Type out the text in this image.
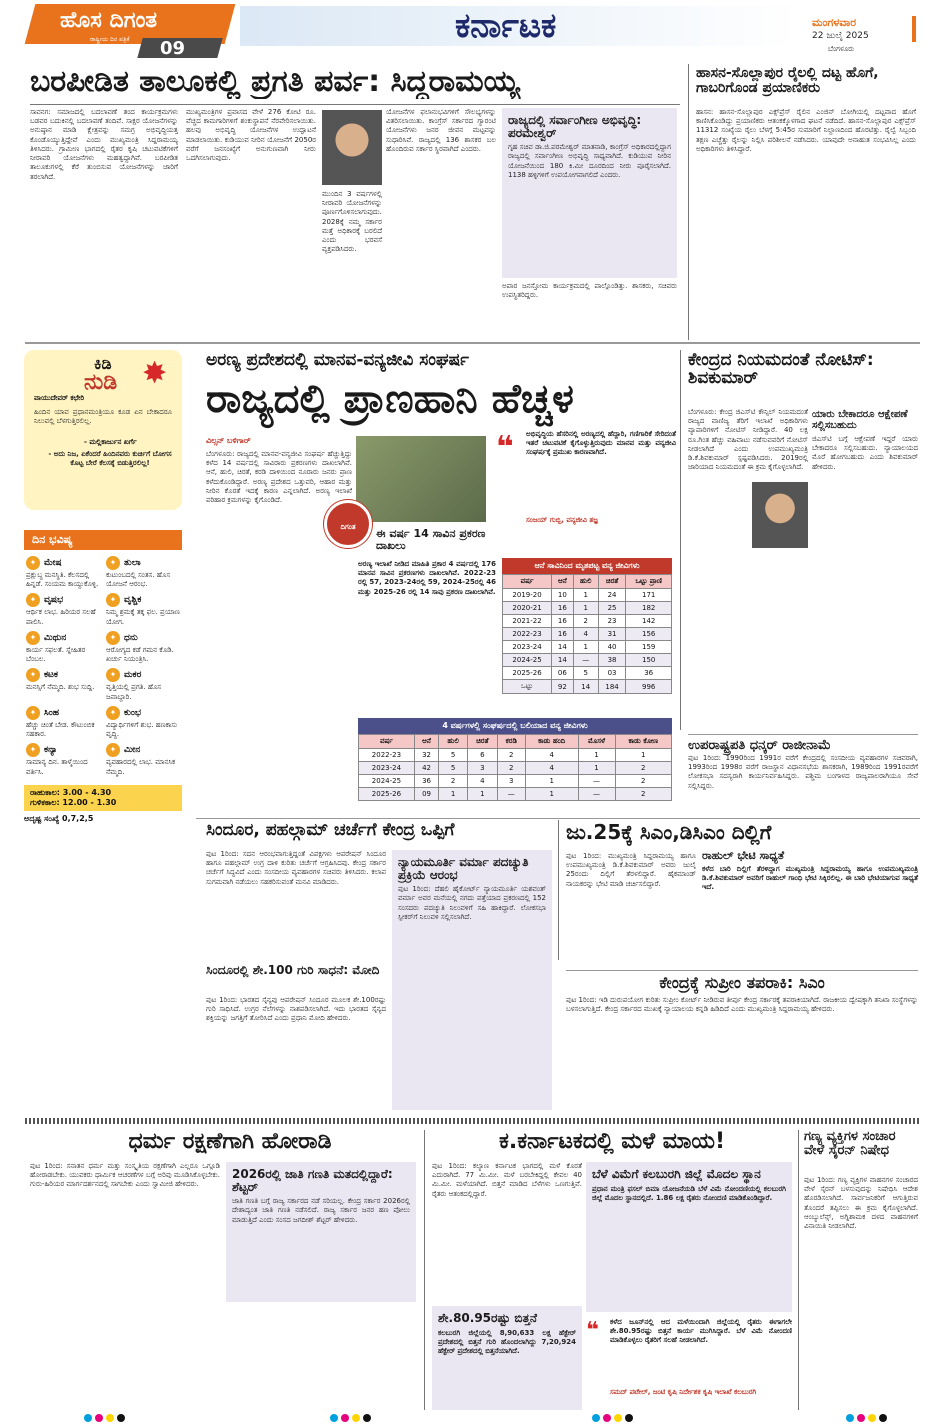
ಹೊಸ ದಿಗಂತ
ರಾಷ್ಟ್ರೀಯ ದಿನ ಪತ್ರಿಕೆ 09
ಕರ್ನಾಟಕ	ಮಂಗಳವಾರ
22 ಜುಲೈ 2025
ಬೆಂಗಳೂರು
ಬರಪೀಡಿತ ತಾಲೂಕಲ್ಲಿ ಪ್ರಗತಿ ಪರ್ವ: ಸಿದ್ದರಾಮಯ್ಯ

ಸಾವನಗ: ಸಮಾಜದಲ್ಲಿ ಬದಲಾವಣೆ ತಂದ ಕಾರ್ಯಕ್ರಮಗಳು ಬಡವರ ಬದುಕಿನಲ್ಲಿ ಬದಲಾವಣೆ ತಂದಿವೆ. ಸಾಕ್ಷರ ಯೋಜನೆಗಳನ್ನು ಅನುಷ್ಠಾನ ಮಾಡಿ ಕ್ಷೇತ್ರವನ್ನು ಸಮಗ್ರ ಅಭಿವೃದ್ಧಿಯತ್ತ ಕೊಂಡೊಯ್ಯುತ್ತಿದ್ದೇವೆ ಎಂದು ಮುಖ್ಯಮಂತ್ರಿ ಸಿದ್ದರಾಮಯ್ಯ ತಿಳಿಸಿದರು. ಗ್ರಾಮೀಣ ಭಾಗದಲ್ಲಿ ರೈತರ ಕೃಷಿ ಚಟುವಟಿಕೆಗಳಿಗೆ ನೀರಾವರಿ ಯೋಜನೆಗಳು ಮಹತ್ವದ್ದಾಗಿವೆ. ಬರಪೀಡಿತ ತಾಲೂಕುಗಳಲ್ಲಿ ಕೆರೆ ತುಂಬಿಸುವ ಯೋಜನೆಗಳನ್ನು ಜಾರಿಗೆ ತರಲಾಗಿದೆ.

ಮುಖ್ಯಮಂತ್ರಿಗಳ ಪ್ರವಾಸದ ವೇಳೆ 276 ಕೋಟಿ ರೂ. ವೆಚ್ಚದ ಕಾಮಗಾರಿಗಳಿಗೆ ಶಂಕುಸ್ಥಾಪನೆ ನೆರವೇರಿಸಲಾಯಿತು. ಹಲವು ಅಭಿವೃದ್ಧಿ ಯೋಜನೆಗಳ ಉದ್ಘಾಟನೆ ಮಾಡಲಾಯಿತು. ಕುಡಿಯುವ ನೀರಿನ ಯೋಜನೆಗೆ 2050ರ ವರೆಗೆ ಜನಸಂಖ್ಯೆಗೆ ಅನುಗುಣವಾಗಿ ನೀರು ಒದಗಿಸಲಾಗುವುದು.

ಯೋಜನೆಗಳ ಫಲಾನುಭವಿಗಳಿಗೆ ಸೌಲಭ್ಯಗಳನ್ನು ವಿತರಿಸಲಾಯಿತು. ಕಾಂಗ್ರೆಸ್ ಸರ್ಕಾರದ ಗ್ಯಾರಂಟಿ ಯೋಜನೆಗಳು ಜನರ ಜೀವನ ಮಟ್ಟವನ್ನು ಸುಧಾರಿಸಿವೆ. ರಾಜ್ಯದಲ್ಲಿ 136 ಶಾಸಕರ ಬಲ ಹೊಂದಿರುವ ಸರ್ಕಾರ ಸ್ಥಿರವಾಗಿದೆ ಎಂದರು.

ಮುಂದಿನ 3 ವರ್ಷಗಳಲ್ಲಿ ನೀರಾವರಿ ಯೋಜನೆಗಳನ್ನು ಪೂರ್ಣಗೊಳಿಸಲಾಗುವುದು. 2028ಕ್ಕೆ ನಮ್ಮ ಸರ್ಕಾರ ಮತ್ತೆ ಅಧಿಕಾರಕ್ಕೆ ಬರಲಿದೆ ಎಂದು ಭರವಸೆ ವ್ಯಕ್ತಪಡಿಸಿದರು.

ರಾಜ್ಯದಲ್ಲಿ ಸರ್ವಾಂಗೀಣ ಅಭಿವೃದ್ಧಿ: ಪರಮೇಶ್ವರ್

ಗೃಹ ಸಚಿವ ಡಾ.ಜಿ.ಪರಮೇಶ್ವರ್ ಮಾತನಾಡಿ, ಕಾಂಗ್ರೆಸ್ ಅಧಿಕಾರದಲ್ಲಿದ್ದಾಗ ರಾಜ್ಯದಲ್ಲಿ ಸರ್ವಾಂಗೀಣ ಅಭಿವೃದ್ಧಿ ಸಾಧ್ಯವಾಗಿದೆ. ಕುಡಿಯುವ ನೀರಿನ ಯೋಜನೆಯಿಂದ 180 ಕಿ.ಮೀ ದೂರದಿಂದ ನೀರು ಪೂರೈಸಲಾಗಿದೆ. 1138 ಹಳ್ಳಿಗಳಿಗೆ ಉಪಯೋಗವಾಗಲಿದೆ ಎಂದರು.

ಅಪಾರ ಜನಸ್ತೋಮ ಕಾರ್ಯಕ್ರಮದಲ್ಲಿ ಪಾಲ್ಗೊಂಡಿತ್ತು. ಶಾಸಕರು, ಸಚಿವರು ಉಪಸ್ಥಿತರಿದ್ದರು.

ಹಾಸನ-ಸೊಲ್ಲಾಪುರ ರೈಲಲ್ಲಿ ದಟ್ಟ ಹೊಗೆ, ಗಾಬರಿಗೊಂಡ ಪ್ರಯಾಣಿಕರು

ಹಾಸನ: ಹಾಸನ-ಸೊಲ್ಲಾಪುರ ಎಕ್ಸ್‌ಪ್ರೆಸ್ ರೈಲಿನ ಎಂಜಿನ್ ಬೋಗಿಯಲ್ಲಿ ದಟ್ಟವಾದ ಹೊಗೆ ಕಾಣಿಸಿಕೊಂಡಿದ್ದು ಪ್ರಯಾಣಿಕರು ಆತಂಕಕ್ಕೊಳಗಾದ ಘಟನೆ ನಡೆದಿದೆ. ಹಾಸನ-ಸೊಲ್ಲಾಪುರ ಎಕ್ಸ್‌ಪ್ರೆಸ್ 11312 ಸಂಖ್ಯೆಯ ರೈಲು ಬೆಳಗ್ಗೆ 5:45ರ ಸುಮಾರಿಗೆ ನಿಲ್ದಾಣದಿಂದ ಹೊರಟಿತ್ತು. ರೈಲ್ವೆ ಸಿಬ್ಬಂದಿ ತಕ್ಷಣ ಎಚ್ಚೆತ್ತು ರೈಲನ್ನು ನಿಲ್ಲಿಸಿ ಪರಿಶೀಲನೆ ನಡೆಸಿದರು. ಯಾವುದೇ ಅನಾಹುತ ಸಂಭವಿಸಿಲ್ಲ ಎಂದು ಅಧಿಕಾರಿಗಳು ತಿಳಿಸಿದ್ದಾರೆ.

ಕಿಡಿ
ನುಡಿ ✸
ವಾಯುದೇವರ್ ಕಛೇರಿ
ಹಿಂದಿನ ಯಾವ ಪ್ರಧಾನಮಂತ್ರಿಯೂ ಕೂಡ ಏನ ಬೇಕಾದರೂ ನಿಲುವಲ್ಲಿ ಬೆಳಗುತ್ತಿರಲಿಲ್ಲ.
- ಮಲ್ಲಿಕಾರ್ಜುನ ಖರ್ಗೆ
- ಅದು ನಿಜ, ಏಕೆಂದರೆ ಹಿಂದಿನವರು ಕುರ್ಚಿಗೆ ಬೋಗಸ ಕೊಟ್ಟ ಬೇರೆ ಕೆಲಸಕ್ಕೆ ಬಿಡುತ್ತಿರಲಿಲ್ಲ!
ದಿನ ಭವಿಷ್ಯ
✦ ಮೇಷ

ಪ್ರಕ್ಷುಬ್ಧ ಮನಸ್ಥಿತಿ. ಕೆಲಸದಲ್ಲಿ ಹಿನ್ನಡೆ. ಸಂಯಮ ಕಾಯ್ದುಕೊಳ್ಳಿ.

✦ ತುಲಾ

ಕುಟುಂಬದಲ್ಲಿ ಸಂತಸ. ಹೊಸ ಯೋಜನೆ ಆರಂಭ.

✦ ವೃಷಭ

ಆರ್ಥಿಕ ಲಾಭ. ಹಿರಿಯರ ಸಲಹೆ ಪಾಲಿಸಿ.

✦ ವೃಶ್ಚಿಕ

ನಿಮ್ಮ ಶ್ರಮಕ್ಕೆ ತಕ್ಕ ಫಲ. ಪ್ರಯಾಣ ಯೋಗ.

✦ ಮಿಥುನ

ಕಾರ್ಯ ಸಫಲತೆ. ಸ್ನೇಹಿತರ ಬೆಂಬಲ.

✦ ಧನು

ಆರೋಗ್ಯದ ಕಡೆ ಗಮನ ಕೊಡಿ. ಖರ್ಚು ನಿಯಂತ್ರಿಸಿ.

✦ ಕಟಕ

ಮನಸ್ಸಿಗೆ ನೆಮ್ಮದಿ. ಶುಭ ಸುದ್ದಿ.

✦ ಮಕರ

ವೃತ್ತಿಯಲ್ಲಿ ಪ್ರಗತಿ. ಹೊಸ ಜವಾಬ್ದಾರಿ.

✦ ಸಿಂಹ

ಹೆಚ್ಚು ಚಿಂತೆ ಬೇಡ. ಕೌಟುಂಬಿಕ ಸಹಕಾರ.

✦ ಕುಂಭ

ವಿದ್ಯಾರ್ಥಿಗಳಿಗೆ ಶುಭ. ಹಣಕಾಸು ವೃದ್ಧಿ.

✦ ಕನ್ಯಾ

ಸಾಮಾನ್ಯ ದಿನ. ತಾಳ್ಮೆಯಿಂದ ವರ್ತಿಸಿ.

✦ ಮೀನ

ವ್ಯವಹಾರದಲ್ಲಿ ಲಾಭ. ಮಾನಸಿಕ ನೆಮ್ಮದಿ.

ರಾಹುಕಾಲ: 3.00 - 4.30
ಗುಳಿಕಕಾಲ: 12.00 - 1.30
ಅದೃಷ್ಟ ಸಂಖ್ಯೆ 0,7,2,5
ಅರಣ್ಯ ಪ್ರದೇಶದಲ್ಲಿ ಮಾನವ-ವನ್ಯಜೀವಿ ಸಂಘರ್ಷ
ರಾಜ್ಯದಲ್ಲಿ ಪ್ರಾಣಹಾನಿ ಹೆಚ್ಚಳ
ವಿಲ್ಸನ್ ಬಳಿಗಾರ್

ಬೆಂಗಳೂರು: ರಾಜ್ಯದಲ್ಲಿ ಮಾನವ-ವನ್ಯಜೀವಿ ಸಂಘರ್ಷ ಹೆಚ್ಚುತ್ತಿದ್ದು ಕಳೆದ 14 ವರ್ಷದಲ್ಲಿ ಸಾವಿರಾರು ಪ್ರಕರಣಗಳು ದಾಖಲಾಗಿವೆ. ಆನೆ, ಹುಲಿ, ಚಿರತೆ, ಕರಡಿ ದಾಳಿಯಿಂದ ನೂರಾರು ಜನರು ಪ್ರಾಣ ಕಳೆದುಕೊಂಡಿದ್ದಾರೆ. ಅರಣ್ಯ ಪ್ರದೇಶದ ಒತ್ತುವರಿ, ಆಹಾರ ಮತ್ತು ನೀರಿನ ಕೊರತೆ ಇದಕ್ಕೆ ಕಾರಣ ಎನ್ನಲಾಗಿದೆ. ಅರಣ್ಯ ಇಲಾಖೆ ಪರಿಹಾರ ಕ್ರಮಗಳನ್ನು ಕೈಗೊಂಡಿದೆ.

ದಿಗಂತ
❝ ಅಭಿವೃದ್ಧಿಯ ಹೆಸರಿನಲ್ಲಿ ಅರಣ್ಯದಲ್ಲಿ ಹೆದ್ದಾರಿ, ಗಣಿಗಾರಿಕೆ ಸೇರಿದಂತೆ ಇತರೆ ಚಟುವಟಿಕೆ ಕೈಗೊಳ್ಳುತ್ತಿರುವುದು ಮಾನವ ಮತ್ತು ವನ್ಯಜೀವಿ ಸಂಘರ್ಷಕ್ಕೆ ಪ್ರಮುಖ ಕಾರಣವಾಗಿದೆ.

ಸಂಜಯ್ ಗುಬ್ಬಿ, ವನ್ಯಜೀವಿ ತಜ್ಞ
ಈ ವರ್ಷ 14 ಸಾವಿನ ಪ್ರಕರಣ ದಾಖಲು

ಅರಣ್ಯ ಇಲಾಖೆ ನೀಡಿದ ಮಾಹಿತಿ ಪ್ರಕಾರ 4 ವರ್ಷದಲ್ಲಿ 176 ಮಾನವ ಸಾವಿನ ಪ್ರಕರಣಗಳು ದಾಖಲಾಗಿವೆ. 2022-23 ರಲ್ಲಿ 57, 2023-24ರಲ್ಲಿ 59, 2024-25ರಲ್ಲಿ 46 ಮತ್ತು 2025-26 ರಲ್ಲಿ 14 ಸಾವು ಪ್ರಕರಣ ದಾಖಲಾಗಿವೆ.

ಆನೆ ಸಾವಿನಿಂದ ಮೃತಪಟ್ಟ ವನ್ಯ ಜೀವಿಗಳು
ವರ್ಷ	ಆನೆ	ಹುಲಿ	ಚಿರತೆ	ಒಟ್ಟು ಪ್ರಾಣಿ
2019-20	10	1	24	171
2020-21	16	1	25	182
2021-22	16	2	23	142
2022-23	16	4	31	156
2023-24	14	1	40	159
2024-25	14	—	38	150
2025-26	06	5	03	36
ಒಟ್ಟು	92	14	184	996
4 ವರ್ಷಗಳಲ್ಲಿ ಸಂಘರ್ಷದಲ್ಲಿ ಬಲಿಯಾದ ವನ್ಯ ಜೀವಿಗಳು
ವರ್ಷ	ಆನೆ	ಹುಲಿ	ಚಿರತೆ	ಕರಡಿ	ಕಾಡು ಹಂದಿ	ಮೊಸಳೆ	ಕಾಡು ಕೋಣ
2022-23	32	5	6	2	4	1	1
2023-24	42	5	3	2	4	1	2
2024-25	36	2	4	3	1	—	2
2025-26	09	1	1	—	1	—	2
ಕೇಂದ್ರದ ನಿಯಮದಂತೆ ನೋಟಿಸ್: ಶಿವಕುಮಾರ್

ಬೆಂಗಳೂರು: ಕೇಂದ್ರ ಜಿಎಸ್‌ಟಿ ಕೌನ್ಸಿಲ್ ನಿಯಮದಂತೆ ರಾಜ್ಯದ ವಾಣಿಜ್ಯ ತೆರಿಗೆ ಇಲಾಖೆ ಅಧಿಕಾರಿಗಳು ವ್ಯಾಪಾರಿಗಳಿಗೆ ನೋಟಿಸ್ ನೀಡಿದ್ದಾರೆ. 40 ಲಕ್ಷ ರೂ.ಗಿಂತ ಹೆಚ್ಚು ವಹಿವಾಟು ನಡೆಸುವವರಿಗೆ ನೋಟಿಸ್ ನೀಡಲಾಗಿದೆ ಎಂದು ಉಪಮುಖ್ಯಮಂತ್ರಿ ಡಿ.ಕೆ.ಶಿವಕುಮಾರ್ ಸ್ಪಷ್ಟಪಡಿಸಿದರು. 2019ರಲ್ಲಿ ಜಾರಿಯಾದ ನಿಯಮದಂತೆ ಈ ಕ್ರಮ ಕೈಗೊಳ್ಳಲಾಗಿದೆ.

ಯಾರು ಬೇಕಾದರೂ ಆಕ್ಷೇಪಣೆ ಸಲ್ಲಿಸಬಹುದು

ಜಿಎಸ್‌ಟಿ ಬಗ್ಗೆ ಆಕ್ಷೇಪಣೆ ಇದ್ದರೆ ಯಾರು ಬೇಕಾದರೂ ಸಲ್ಲಿಸಬಹುದು. ನ್ಯಾಯಾಲಯದ ಮೊರೆ ಹೋಗಬಹುದು ಎಂದು ಶಿವಕುಮಾರ್ ಹೇಳಿದರು.

ಉಪರಾಷ್ಟ್ರಪತಿ ಧನ್ಕರ್ ರಾಜೀನಾಮೆ

ಪುಟ 1ರಿಂದ: 1990ರಿಂದ 1991ರ ವರೆಗೆ ಕೇಂದ್ರದಲ್ಲಿ ಸಂಸದೀಯ ವ್ಯವಹಾರಗಳ ಸಚಿವರಾಗಿ, 1993ರಿಂದ 1998ರ ವರೆಗೆ ರಾಜಸ್ಥಾನ ವಿಧಾನಸಭೆಯ ಶಾಸಕರಾಗಿ, 1989ರಿಂದ 1991ರವರೆಗೆ ಲೋಕಸಭಾ ಸದಸ್ಯರಾಗಿ ಕಾರ್ಯನಿರ್ವಹಿಸಿದ್ದರು. ಪಶ್ಚಿಮ ಬಂಗಾಳದ ರಾಜ್ಯಪಾಲರಾಗಿಯೂ ಸೇವೆ ಸಲ್ಲಿಸಿದ್ದರು.

ಸಿಂದೂರ, ಪಹಲ್ಗಾಮ್ ಚರ್ಚೆಗೆ ಕೇಂದ್ರ ಒಪ್ಪಿಗೆ

ಪುಟ 1ರಿಂದ: ಸದನ ಆರಂಭವಾಗುತ್ತಿದ್ದಂತೆ ವಿಪಕ್ಷಗಳು ಆಪರೇಷನ್ ಸಿಂದೂರ ಹಾಗೂ ಪಹಲ್ಗಾಮ್ ಉಗ್ರ ದಾಳಿ ಕುರಿತು ಚರ್ಚೆಗೆ ಆಗ್ರಹಿಸಿದವು. ಕೇಂದ್ರ ಸರ್ಕಾರ ಚರ್ಚೆಗೆ ಸಿದ್ಧವಿದೆ ಎಂದು ಸಂಸದೀಯ ವ್ಯವಹಾರಗಳ ಸಚಿವರು ತಿಳಿಸಿದರು. ಕಲಾಪ ಸುಗಮವಾಗಿ ನಡೆಯಲು ಸಹಕರಿಸುವಂತೆ ಮನವಿ ಮಾಡಿದರು.

ಸಿಂದೂರಲ್ಲಿ ಶೇ.100 ಗುರಿ ಸಾಧನೆ: ಮೋದಿ

ಪುಟ 1ರಿಂದ: ಭಾರತದ ಸೈನ್ಯವು ಆಪರೇಷನ್ ಸಿಂದೂರ ಮೂಲಕ ಶೇ.100ರಷ್ಟು ಗುರಿ ಸಾಧಿಸಿದೆ. ಉಗ್ರರ ನೆಲೆಗಳನ್ನು ನಾಶಪಡಿಸಲಾಗಿದೆ. ಇದು ಭಾರತದ ಸೈನ್ಯದ ಶಕ್ತಿಯನ್ನು ಜಗತ್ತಿಗೆ ತೋರಿಸಿದೆ ಎಂದು ಪ್ರಧಾನಿ ಮೋದಿ ಹೇಳಿದರು.

ನ್ಯಾಯಮೂರ್ತಿ ವರ್ಮಾ ಪದಚ್ಯುತಿ ಪ್ರಕ್ರಿಯೆ ಆರಂಭ

ಪುಟ 1ರಿಂದ: ದೆಹಲಿ ಹೈಕೋರ್ಟ್ ನ್ಯಾಯಮೂರ್ತಿ ಯಶವಂತ್ ವರ್ಮಾ ಅವರ ಮನೆಯಲ್ಲಿ ನಗದು ಪತ್ತೆಯಾದ ಪ್ರಕರಣದಲ್ಲಿ 152 ಸಂಸದರು ಪದಚ್ಯುತಿ ನಿಲುವಳಿಗೆ ಸಹಿ ಹಾಕಿದ್ದಾರೆ. ಲೋಕಸಭಾ ಸ್ಪೀಕರ್‌ಗೆ ನಿಲುವಳಿ ಸಲ್ಲಿಸಲಾಗಿದೆ.

ಜು.25ಕ್ಕೆ ಸಿಎಂ,ಡಿಸಿಎಂ ದಿಲ್ಲಿಗೆ

ಪುಟ 1ರಿಂದ: ಮುಖ್ಯಮಂತ್ರಿ ಸಿದ್ದರಾಮಯ್ಯ ಹಾಗೂ ಉಪಮುಖ್ಯಮಂತ್ರಿ ಡಿ.ಕೆ.ಶಿವಕುಮಾರ್ ಅವರು ಜುಲೈ 25ರಂದು ದಿಲ್ಲಿಗೆ ತೆರಳಲಿದ್ದಾರೆ. ಹೈಕಮಾಂಡ್ ನಾಯಕರನ್ನು ಭೇಟಿ ಮಾಡಿ ಚರ್ಚಿಸಲಿದ್ದಾರೆ.

ರಾಹುಲ್ ಭೇಟಿ ಸಾಧ್ಯತೆ

ಕಳೆದ ಬಾರಿ ದಿಲ್ಲಿಗೆ ತೆರಳಿದ್ದಾಗ ಮುಖ್ಯಮಂತ್ರಿ ಸಿದ್ದರಾಮಯ್ಯ ಹಾಗೂ ಉಪಮುಖ್ಯಮಂತ್ರಿ ಡಿ.ಕೆ.ಶಿವಕುಮಾರ್ ಅವರಿಗೆ ರಾಹುಲ್ ಗಾಂಧಿ ಭೇಟಿ ಸಿಕ್ಕಿರಲಿಲ್ಲ. ಈ ಬಾರಿ ಭೇಟಿಯಾಗುವ ಸಾಧ್ಯತೆ ಇದೆ.

ಕೇಂದ್ರಕ್ಕೆ ಸುಪ್ರೀಂ ತಪರಾಕಿ: ಸಿಎಂ

ಪುಟ 1ರಿಂದ: ಇಡಿ ದುರುಪಯೋಗ ಕುರಿತು ಸುಪ್ರೀಂ ಕೋರ್ಟ್ ನೀಡಿರುವ ತೀರ್ಪು ಕೇಂದ್ರ ಸರ್ಕಾರಕ್ಕೆ ತಪರಾಕಿಯಾಗಿದೆ. ರಾಜಕೀಯ ದ್ವೇಷಕ್ಕಾಗಿ ತನಿಖಾ ಸಂಸ್ಥೆಗಳನ್ನು ಬಳಸಲಾಗುತ್ತಿದೆ. ಕೇಂದ್ರ ಸರ್ಕಾರದ ಮುಖಕ್ಕೆ ನ್ಯಾಯಾಲಯ ಕನ್ನಡಿ ಹಿಡಿದಿದೆ ಎಂದು ಮುಖ್ಯಮಂತ್ರಿ ಸಿದ್ದರಾಮಯ್ಯ ಹೇಳಿದರು.

ಧರ್ಮ ರಕ್ಷಣೆಗಾಗಿ ಹೋರಾಡಿ

ಪುಟ 1ರಿಂದ: ಸನಾತನ ಧರ್ಮ ಮತ್ತು ಸಂಸ್ಕೃತಿಯ ರಕ್ಷಣೆಗಾಗಿ ಎಲ್ಲರೂ ಒಗ್ಗೂಡಿ ಹೋರಾಡಬೇಕು. ಯುವಕರು ಧಾರ್ಮಿಕ ಆಚರಣೆಗಳ ಬಗ್ಗೆ ಅರಿವು ಮೂಡಿಸಿಕೊಳ್ಳಬೇಕು. ಗುರು-ಹಿರಿಯರ ಮಾರ್ಗದರ್ಶನದಲ್ಲಿ ಸಾಗಬೇಕು ಎಂದು ಸ್ವಾಮೀಜಿ ಹೇಳಿದರು.

2026ರಲ್ಲಿ ಜಾತಿ ಗಣತಿ ಮತದಲ್ಲಿದ್ದಾರೆ: ಶೆಟ್ಟರ್

ಜಾತಿ ಗಣತಿ ಬಗ್ಗೆ ರಾಜ್ಯ ಸರ್ಕಾರದ ನಡೆ ಸರಿಯಲ್ಲ. ಕೇಂದ್ರ ಸರ್ಕಾರ 2026ರಲ್ಲಿ ದೇಶಾದ್ಯಂತ ಜಾತಿ ಗಣತಿ ನಡೆಸಲಿದೆ. ರಾಜ್ಯ ಸರ್ಕಾರ ಜನರ ಹಣ ಪೋಲು ಮಾಡುತ್ತಿದೆ ಎಂದು ಸಂಸದ ಜಗದೀಶ್ ಶೆಟ್ಟರ್ ಹೇಳಿದರು.

ಕ.ಕರ್ನಾಟಕದಲ್ಲಿ ಮಳೆ ಮಾಯ!

ಪುಟ 1ರಿಂದ: ಕಲ್ಯಾಣ ಕರ್ನಾಟಕ ಭಾಗದಲ್ಲಿ ಮಳೆ ಕೊರತೆ ಎದುರಾಗಿದೆ. 77 ಮಿ.ಮೀ. ಮಳೆ ಬರಬೇಕಿದ್ದಲ್ಲಿ ಕೇವಲ 40 ಮಿ.ಮೀ. ಮಳೆಯಾಗಿದೆ. ಬಿತ್ತನೆ ಮಾಡಿದ ಬೆಳೆಗಳು ಒಣಗುತ್ತಿವೆ. ರೈತರು ಆತಂಕದಲ್ಲಿದ್ದಾರೆ.

ಬೆಳೆ ವಿಮೆಗೆ ಕಲಬುರಗಿ ಜಿಲ್ಲೆ ಮೊದಲ ಸ್ಥಾನ

ಪ್ರಧಾನ ಮಂತ್ರಿ ಫಸಲ್ ಬಿಮಾ ಯೋಜನೆಯಡಿ ಬೆಳೆ ವಿಮೆ ನೋಂದಣಿಯಲ್ಲಿ ಕಲಬುರಗಿ ಜಿಲ್ಲೆ ಮೊದಲ ಸ್ಥಾನದಲ್ಲಿದೆ. 1.86 ಲಕ್ಷ ರೈತರು ನೋಂದಣಿ ಮಾಡಿಕೊಂಡಿದ್ದಾರೆ.

ಶೇ.80.95ರಷ್ಟು ಬಿತ್ತನೆ

ಕಲಬುರಗಿ ಜಿಲ್ಲೆಯಲ್ಲಿ 8,90,633 ಲಕ್ಷ ಹೆಕ್ಟೇರ್ ಪ್ರದೇಶದಲ್ಲಿ ಬಿತ್ತನೆ ಗುರಿ ಹೊಂದಲಾಗಿದ್ದು 7,20,924 ಹೆಕ್ಟೇರ್ ಪ್ರದೇಶದಲ್ಲಿ ಬಿತ್ತನೆಯಾಗಿದೆ.

❝ ಕಳೆದ ಜೂನ್‌ನಲ್ಲಿ ಆದ ಮಳೆಯಿಂದಾಗಿ ಜಿಲ್ಲೆಯಲ್ಲಿ ರೈತರು ಈಗಾಗಲೇ ಶೇ.80.95ರಷ್ಟು ಬಿತ್ತನೆ ಕಾರ್ಯ ಮುಗಿಸಿದ್ದಾರೆ. ಬೆಳೆ ವಿಮೆ ನೋಂದಣಿ ಮಾಡಿಕೊಳ್ಳಲು ರೈತರಿಗೆ ಸಲಹೆ ನೀಡಲಾಗಿದೆ.

ಸಮದ್ ಪಟೇಲ್, ಜಂಟಿ ಕೃಷಿ ನಿರ್ದೇಶಕ ಕೃಷಿ ಇಲಾಖೆ ಕಲಬುರಗಿ
ಗಣ್ಯ ವ್ಯಕ್ತಿಗಳ ಸಂಚಾರ ವೇಳೆ ಸೈರನ್ ನಿಷೇಧ

ಪುಟ 1ರಿಂದ: ಗಣ್ಯ ವ್ಯಕ್ತಿಗಳ ವಾಹನಗಳ ಸಂಚಾರದ ವೇಳೆ ಸೈರನ್ ಬಳಸುವುದನ್ನು ನಿಷೇಧಿಸಿ ಆದೇಶ ಹೊರಡಿಸಲಾಗಿದೆ. ಸಾರ್ವಜನಿಕರಿಗೆ ಆಗುತ್ತಿರುವ ತೊಂದರೆ ತಪ್ಪಿಸಲು ಈ ಕ್ರಮ ಕೈಗೊಳ್ಳಲಾಗಿದೆ. ಆಂಬ್ಯುಲೆನ್ಸ್, ಅಗ್ನಿಶಾಮಕ ದಳದ ವಾಹನಗಳಿಗೆ ವಿನಾಯಿತಿ ನೀಡಲಾಗಿದೆ.
